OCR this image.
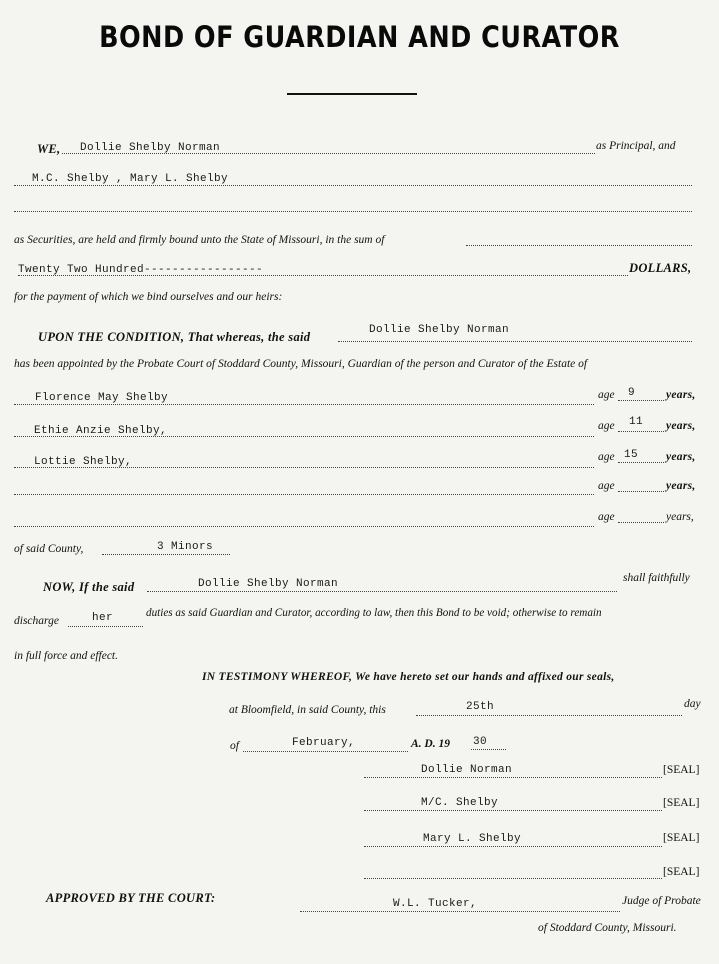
BOND OF GUARDIAN AND CURATOR
WE, Dollie Shelby Norman	as Principal, and
M.C. Shelby , Mary L. Shelby
as Securities, are held and firmly bound unto the State of Missouri, in the sum of
Twenty Two Hundred-----------------	DOLLARS,
for the payment of which we bind ourselves and our heirs:
UPON THE CONDITION, That whereas, the said	Dollie Shelby Norman
has been appointed by the Probate Court of Stoddard County, Missouri, Guardian of the person and Curator of the Estate of
Florence May Shelby	age 9	years,
Ethie Anzie Shelby,	age 11 years,
Lottie Shelby,	age 15 years,
age	years,
age	years,
of said County,	3 Minors
NOW, If the said	Dollie Shelby Norman	shall faithfully
discharge	her	duties as said Guardian and Curator, according to law, then this Bond to be void; otherwise to remain
in full force and effect.
IN TESTIMONY WHEREOF, We have hereto set our hands and affixed our seals,
at Bloomfield, in said County, this	25th	day
of	February,	A. D. 19 30
Dollie Norman	[SEAL]
M/C. Shelby	[SEAL]
Mary L. Shelby	[SEAL]
[SEAL]
APPROVED BY THE COURT:	W.L. Tucker,	Judge of Probate
of Stoddard County, Missouri.
